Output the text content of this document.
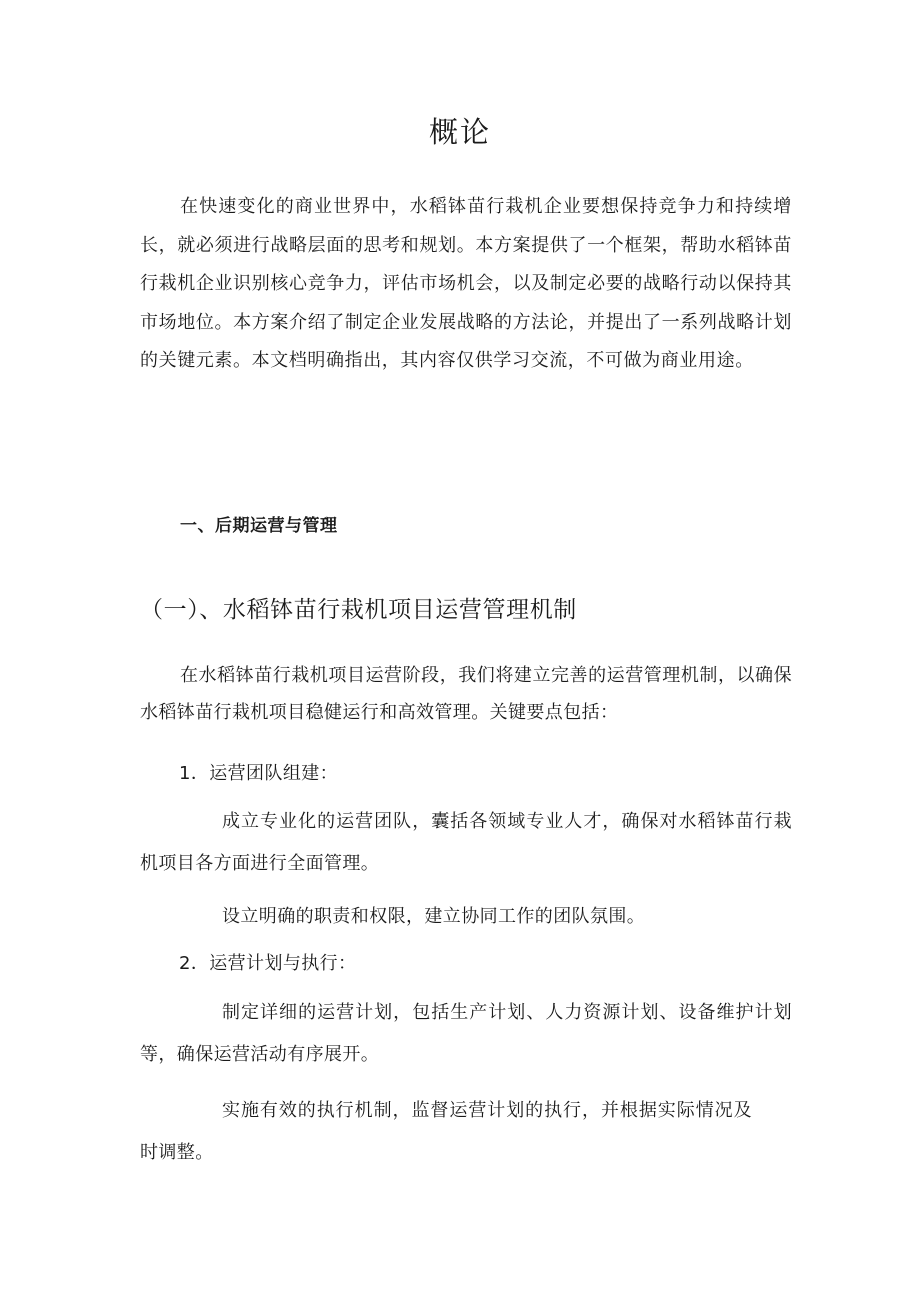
概论

在快速变化的商业世界中，水稻钵苗行栽机企业要想保持竞争力和持续增长，就必须进行战略层面的思考和规划。本方案提供了一个框架，帮助水稻钵苗行栽机企业识别核心竞争力，评估市场机会，以及制定必要的战略行动以保持其市场地位。本方案介绍了制定企业发展战略的方法论，并提出了一系列战略计划的关键元素。本文档明确指出，其内容仅供学习交流，不可做为商业用途。

一、后期运营与管理
（一）、水稻钵苗行栽机项目运营管理机制

在水稻钵苗行栽机项目运营阶段，我们将建立完善的运营管理机制，以确保水稻钵苗行栽机项目稳健运行和高效管理。关键要点包括：

1．运营团队组建：

成立专业化的运营团队，囊括各领域专业人才，确保对水稻钵苗行栽机项目各方面进行全面管理。

设立明确的职责和权限，建立协同工作的团队氛围。

2．运营计划与执行：

制定详细的运营计划，包括生产计划、人力资源计划、设备维护计划等，确保运营活动有序展开。

实施有效的执行机制，监督运营计划的执行，并根据实际情况及时调整。
